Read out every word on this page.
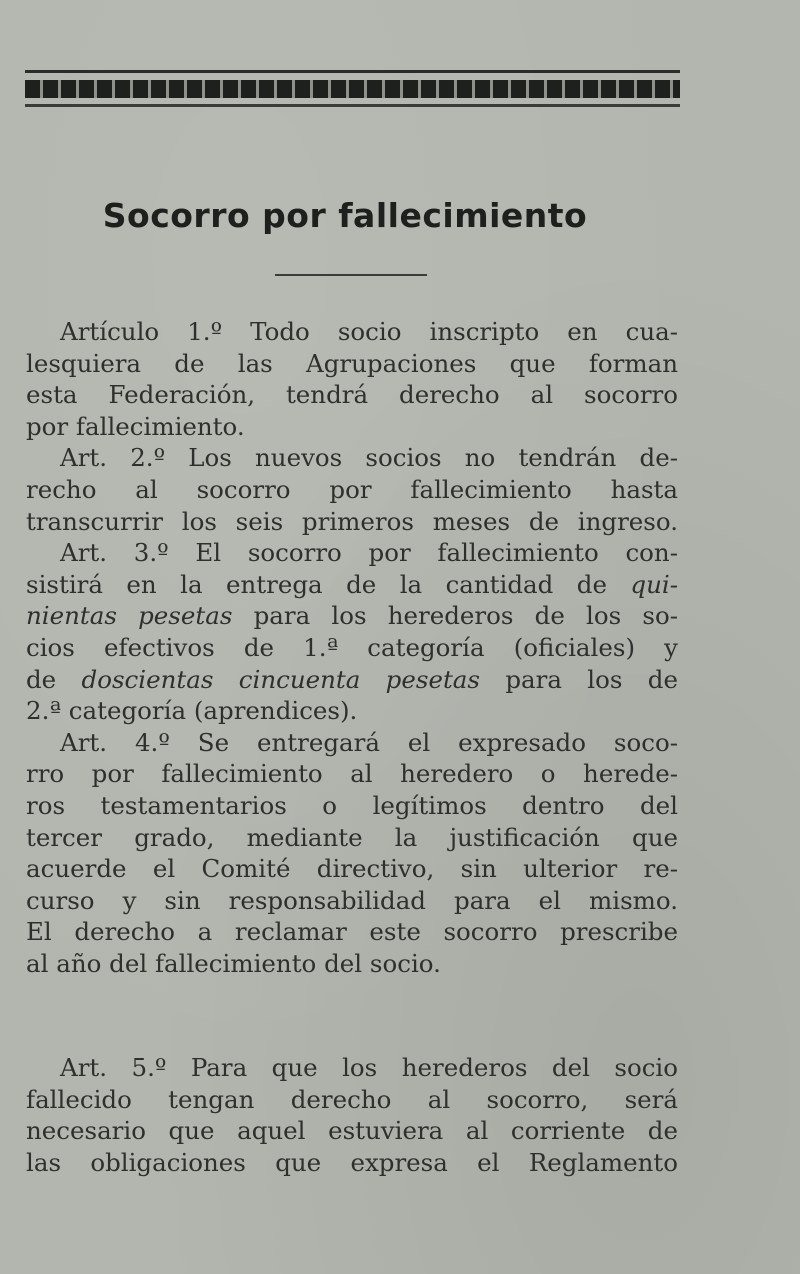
Socorro por fallecimiento
Artículo 1.º Todo socio inscripto en cua-
lesquiera de las Agrupaciones que forman
esta Federación, tendrá derecho al socorro
por fallecimiento.
Art. 2.º Los nuevos socios no tendrán de-
recho al socorro por fallecimiento hasta
transcurrir los seis primeros meses de ingreso.
Art. 3.º El socorro por fallecimiento con-
sistirá en la entrega de la cantidad de qui-
nientas pesetas para los herederos de los so-
cios efectivos de 1.ª categoría (oficiales) y
de doscientas cincuenta pesetas para los de
2.ª categoría (aprendices).
Art. 4.º Se entregará el expresado soco-
rro por fallecimiento al heredero o herede-
ros testamentarios o legítimos dentro del
tercer grado, mediante la justificación que
acuerde el Comité directivo, sin ulterior re-
curso y sin responsabilidad para el mismo.
El derecho a reclamar este socorro prescribe
al año del fallecimiento del socio.
Art. 5.º Para que los herederos del socio
fallecido tengan derecho al socorro, será
necesario que aquel estuviera al corriente de
las obligaciones que expresa el Reglamento
